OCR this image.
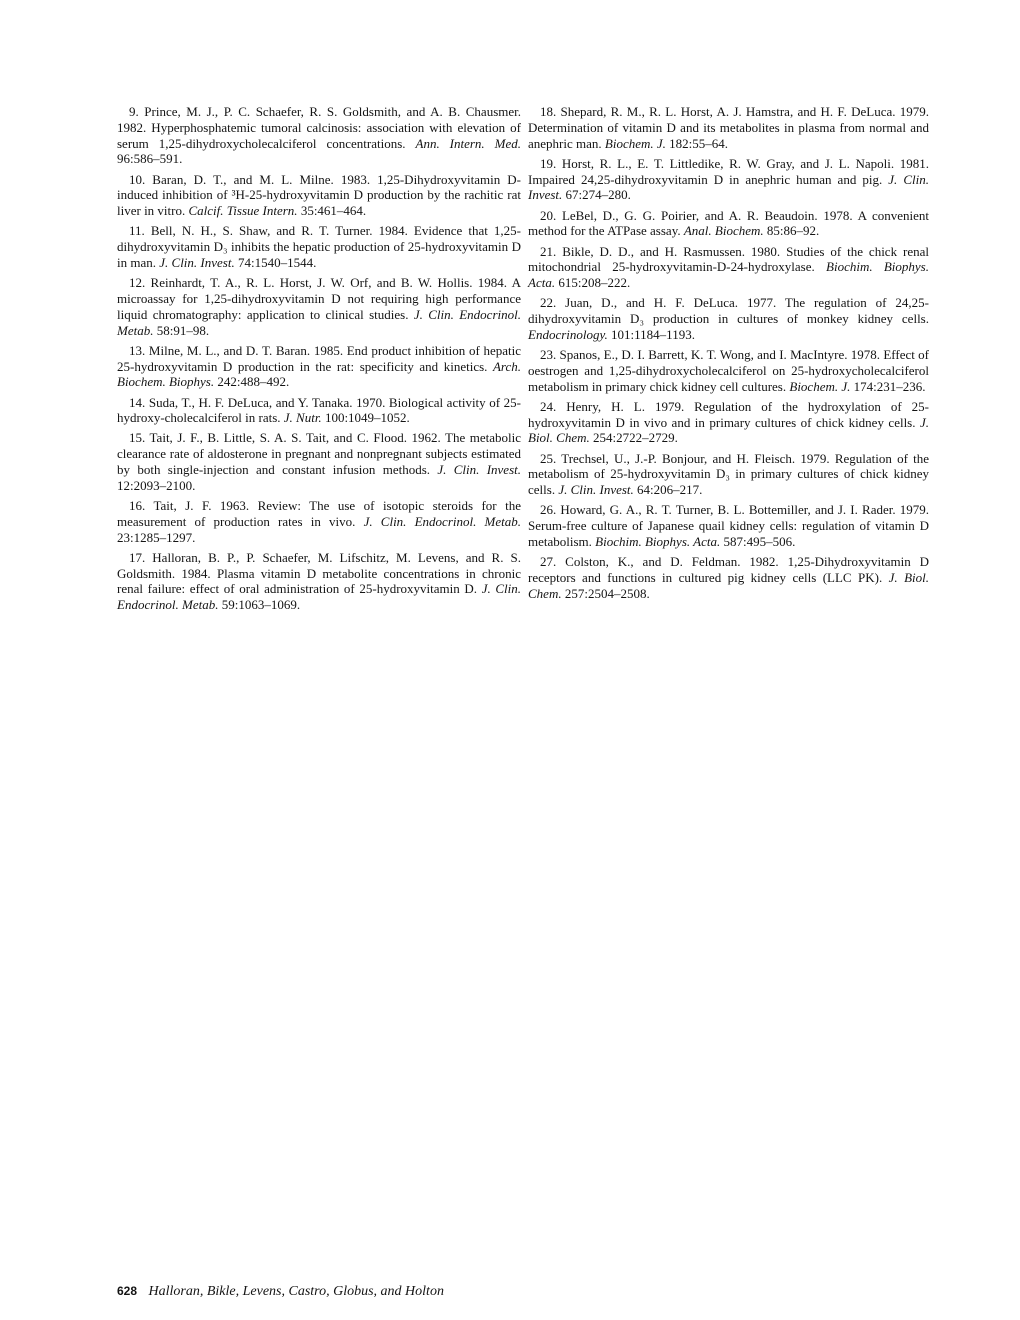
9. Prince, M. J., P. C. Schaefer, R. S. Goldsmith, and A. B. Chausmer. 1982. Hyperphosphatemic tumoral calcinosis: association with elevation of serum 1,25-dihydroxycholecalciferol concentrations. Ann. Intern. Med. 96:586–591.

10. Baran, D. T., and M. L. Milne. 1983. 1,25-Dihydroxyvitamin D-induced inhibition of ³H-25-hydroxyvitamin D production by the rachitic rat liver in vitro. Calcif. Tissue Intern. 35:461–464.

11. Bell, N. H., S. Shaw, and R. T. Turner. 1984. Evidence that 1,25-dihydroxyvitamin D₃ inhibits the hepatic production of 25-hydroxyvitamin D in man. J. Clin. Invest. 74:1540–1544.

12. Reinhardt, T. A., R. L. Horst, J. W. Orf, and B. W. Hollis. 1984. A microassay for 1,25-dihydroxyvitamin D not requiring high performance liquid chromatography: application to clinical studies. J. Clin. Endocrinol. Metab. 58:91–98.

13. Milne, M. L., and D. T. Baran. 1985. End product inhibition of hepatic 25-hydroxyvitamin D production in the rat: specificity and kinetics. Arch. Biochem. Biophys. 242:488–492.

14. Suda, T., H. F. DeLuca, and Y. Tanaka. 1970. Biological activity of 25-hydroxy-cholecalciferol in rats. J. Nutr. 100:1049–1052.

15. Tait, J. F., B. Little, S. A. S. Tait, and C. Flood. 1962. The metabolic clearance rate of aldosterone in pregnant and nonpregnant subjects estimated by both single-injection and constant infusion methods. J. Clin. Invest. 12:2093–2100.

16. Tait, J. F. 1963. Review: The use of isotopic steroids for the measurement of production rates in vivo. J. Clin. Endocrinol. Metab. 23:1285–1297.

17. Halloran, B. P., P. Schaefer, M. Lifschitz, M. Levens, and R. S. Goldsmith. 1984. Plasma vitamin D metabolite concentrations in chronic renal failure: effect of oral administration of 25-hydroxyvitamin D. J. Clin. Endocrinol. Metab. 59:1063–1069.

18. Shepard, R. M., R. L. Horst, A. J. Hamstra, and H. F. DeLuca. 1979. Determination of vitamin D and its metabolites in plasma from normal and anephric man. Biochem. J. 182:55–64.

19. Horst, R. L., E. T. Littledike, R. W. Gray, and J. L. Napoli. 1981. Impaired 24,25-dihydroxyvitamin D in anephric human and pig. J. Clin. Invest. 67:274–280.

20. LeBel, D., G. G. Poirier, and A. R. Beaudoin. 1978. A convenient method for the ATPase assay. Anal. Biochem. 85:86–92.

21. Bikle, D. D., and H. Rasmussen. 1980. Studies of the chick renal mitochondrial 25-hydroxyvitamin-D-24-hydroxylase. Biochim. Biophys. Acta. 615:208–222.

22. Juan, D., and H. F. DeLuca. 1977. The regulation of 24,25-dihydroxyvitamin D₃ production in cultures of monkey kidney cells. Endocrinology. 101:1184–1193.

23. Spanos, E., D. I. Barrett, K. T. Wong, and I. MacIntyre. 1978. Effect of oestrogen and 1,25-dihydroxycholecalciferol on 25-hydroxycholecalciferol metabolism in primary chick kidney cell cultures. Biochem. J. 174:231–236.

24. Henry, H. L. 1979. Regulation of the hydroxylation of 25-hydroxyvitamin D in vivo and in primary cultures of chick kidney cells. J. Biol. Chem. 254:2722–2729.

25. Trechsel, U., J.-P. Bonjour, and H. Fleisch. 1979. Regulation of the metabolism of 25-hydroxyvitamin D₃ in primary cultures of chick kidney cells. J. Clin. Invest. 64:206–217.

26. Howard, G. A., R. T. Turner, B. L. Bottemiller, and J. I. Rader. 1979. Serum-free culture of Japanese quail kidney cells: regulation of vitamin D metabolism. Biochim. Biophys. Acta. 587:495–506.

27. Colston, K., and D. Feldman. 1982. 1,25-Dihydroxyvitamin D receptors and functions in cultured pig kidney cells (LLC PK). J. Biol. Chem. 257:2504–2508.

628 Halloran, Bikle, Levens, Castro, Globus, and Holton
